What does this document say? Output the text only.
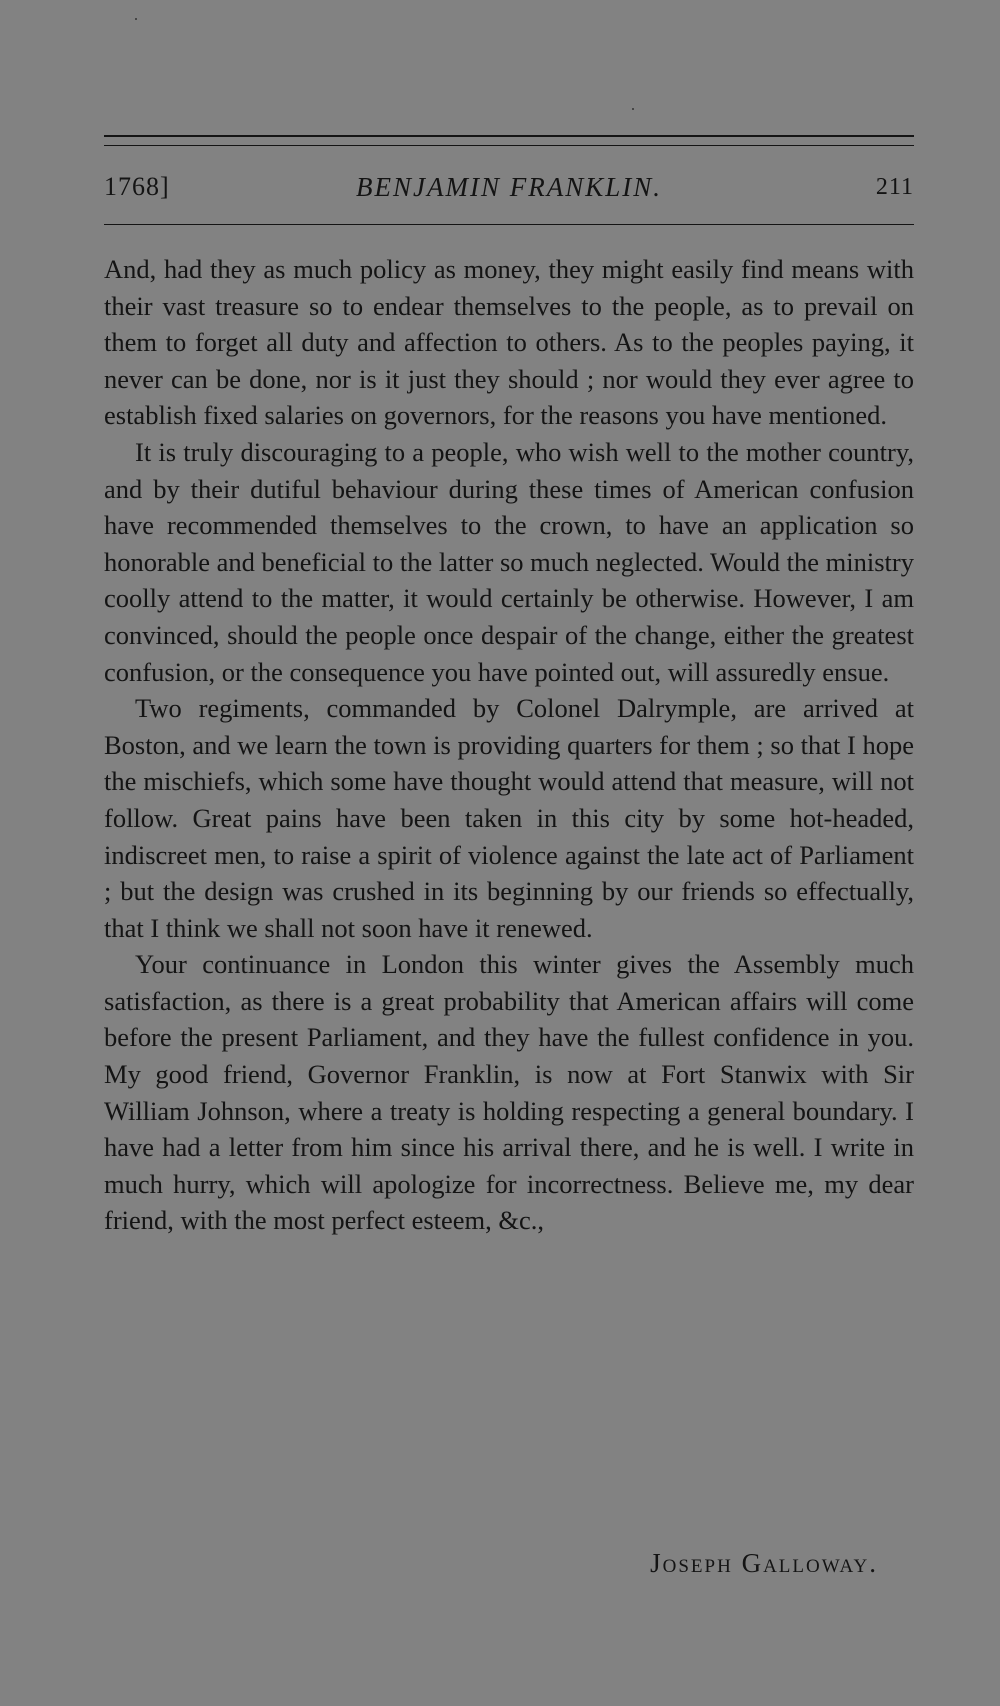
1768]	BENJAMIN FRANKLIN.	211

And, had they as much policy as money, they might easily find means with their vast treasure so to endear themselves to the people, as to prevail on them to forget all duty and affection to others. As to the peoples paying, it never can be done, nor is it just they should ; nor would they ever agree to establish fixed salaries on governors, for the reasons you have mentioned.

It is truly discouraging to a people, who wish well to the mother country, and by their dutiful behaviour during these times of American confusion have recommended themselves to the crown, to have an application so honorable and beneficial to the latter so much neglected. Would the ministry coolly attend to the matter, it would certainly be otherwise. However, I am convinced, should the people once despair of the change, either the greatest confusion, or the consequence you have pointed out, will assuredly ensue.

Two regiments, commanded by Colonel Dalrymple, are arrived at Boston, and we learn the town is providing quarters for them ; so that I hope the mischiefs, which some have thought would attend that measure, will not follow. Great pains have been taken in this city by some hot-headed, indiscreet men, to raise a spirit of violence against the late act of Parliament ; but the design was crushed in its beginning by our friends so effectually, that I think we shall not soon have it renewed.

Your continuance in London this winter gives the Assembly much satisfaction, as there is a great probability that American affairs will come before the present Parliament, and they have the fullest confidence in you. My good friend, Governor Franklin, is now at Fort Stanwix with Sir William Johnson, where a treaty is holding respecting a general boundary. I have had a letter from him since his arrival there, and he is well. I write in much hurry, which will apologize for incorrectness. Believe me, my dear friend, with the most perfect esteem, &c.,

Joseph Galloway.
